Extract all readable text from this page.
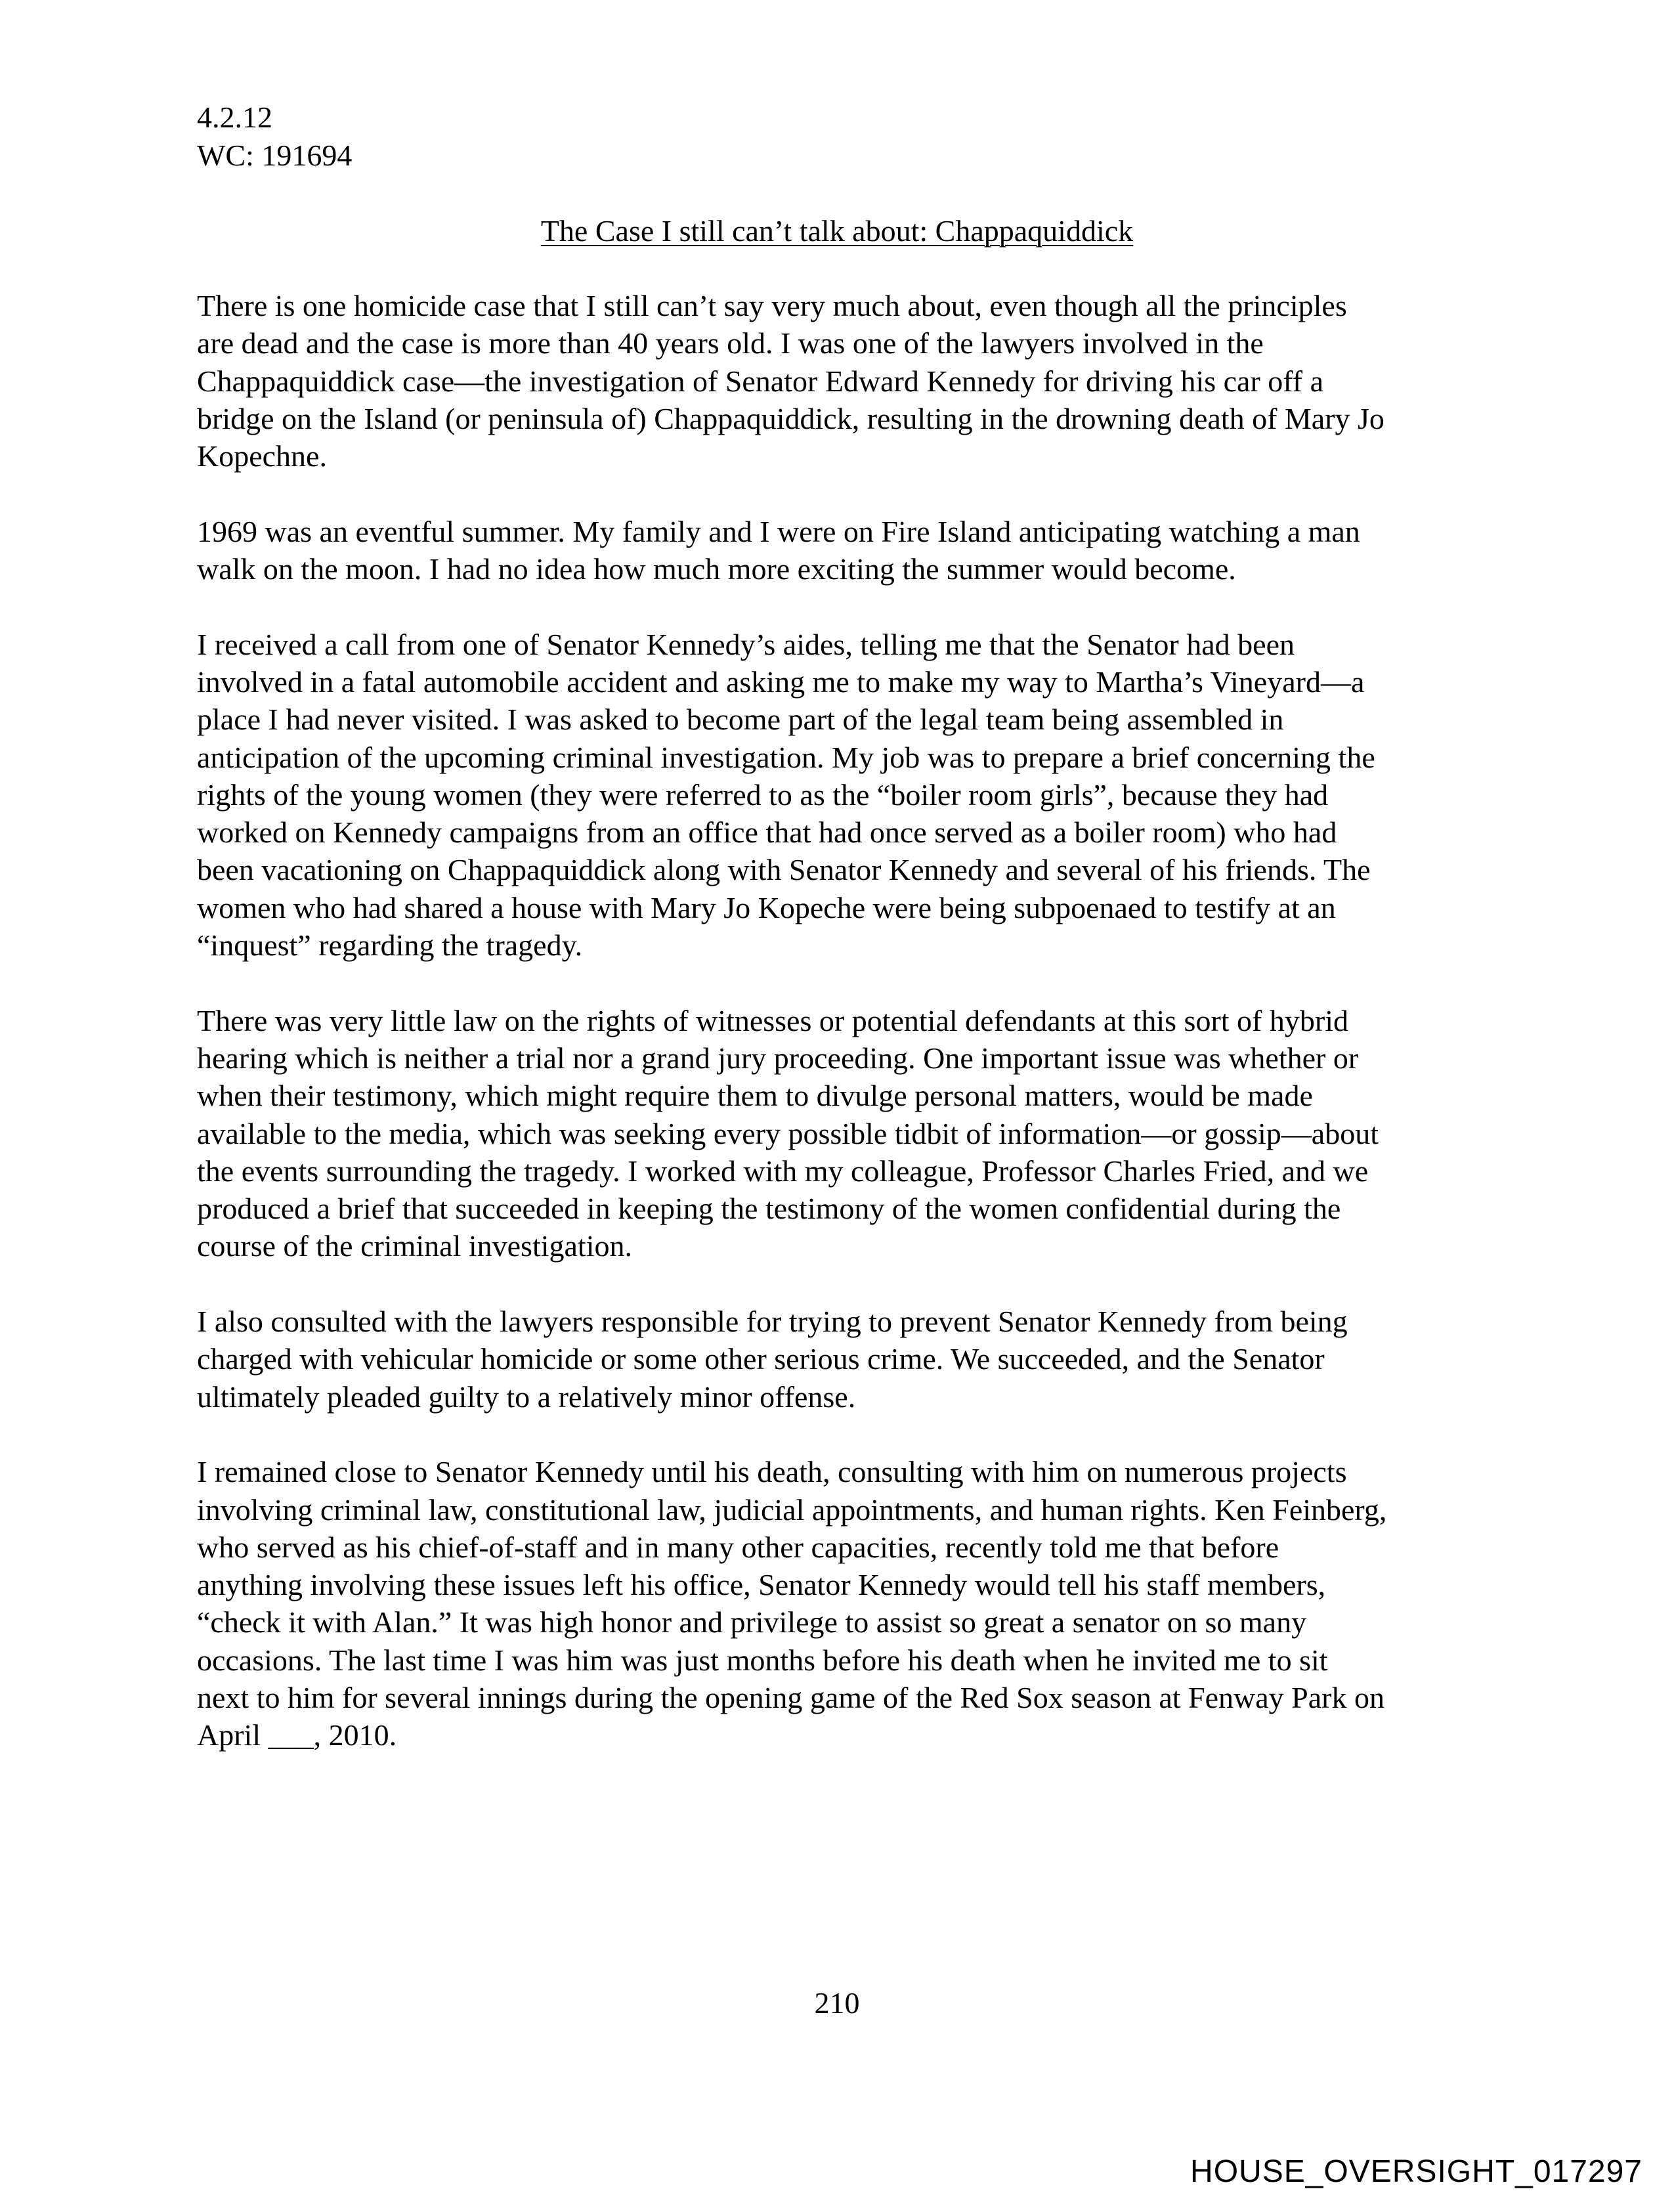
4.2.12
WC: 191694
The Case I still can’t talk about: Chappaquiddick

There is one homicide case that I still can’t say very much about, even though all the principles
are dead and the case is more than 40 years old. I was one of the lawyers involved in the
Chappaquiddick case—the investigation of Senator Edward Kennedy for driving his car off a
bridge on the Island (or peninsula of) Chappaquiddick, resulting in the drowning death of Mary Jo
Kopechne.

1969 was an eventful summer. My family and I were on Fire Island anticipating watching a man
walk on the moon. I had no idea how much more exciting the summer would become.

I received a call from one of Senator Kennedy’s aides, telling me that the Senator had been
involved in a fatal automobile accident and asking me to make my way to Martha’s Vineyard—a
place I had never visited. I was asked to become part of the legal team being assembled in
anticipation of the upcoming criminal investigation. My job was to prepare a brief concerning the
rights of the young women (they were referred to as the “boiler room girls”, because they had
worked on Kennedy campaigns from an office that had once served as a boiler room) who had
been vacationing on Chappaquiddick along with Senator Kennedy and several of his friends. The
women who had shared a house with Mary Jo Kopeche were being subpoenaed to testify at an
“inquest” regarding the tragedy.

There was very little law on the rights of witnesses or potential defendants at this sort of hybrid
hearing which is neither a trial nor a grand jury proceeding. One important issue was whether or
when their testimony, which might require them to divulge personal matters, would be made
available to the media, which was seeking every possible tidbit of information—or gossip—about
the events surrounding the tragedy. I worked with my colleague, Professor Charles Fried, and we
produced a brief that succeeded in keeping the testimony of the women confidential during the
course of the criminal investigation.

I also consulted with the lawyers responsible for trying to prevent Senator Kennedy from being
charged with vehicular homicide or some other serious crime. We succeeded, and the Senator
ultimately pleaded guilty to a relatively minor offense.

I remained close to Senator Kennedy until his death, consulting with him on numerous projects
involving criminal law, constitutional law, judicial appointments, and human rights. Ken Feinberg,
who served as his chief-of-staff and in many other capacities, recently told me that before
anything involving these issues left his office, Senator Kennedy would tell his staff members,
“check it with Alan.” It was high honor and privilege to assist so great a senator on so many
occasions. The last time I was him was just months before his death when he invited me to sit
next to him for several innings during the opening game of the Red Sox season at Fenway Park on
April ___, 2010.

210
HOUSE_OVERSIGHT_017297
